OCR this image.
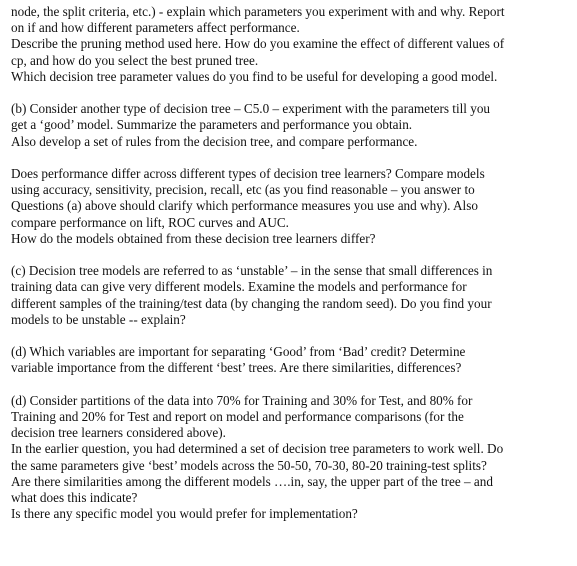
node, the split criteria, etc.) - explain which parameters you experiment with and why. Report
on if and how different parameters affect performance.
Describe the pruning method used here. How do you examine the effect of different values of
cp, and how do you select the best pruned tree.
Which decision tree parameter values do you find to be useful for developing a good model.
(b) Consider another type of decision tree – C5.0 – experiment with the parameters till you
get a ‘good’ model. Summarize the parameters and performance you obtain.
Also develop a set of rules from the decision tree, and compare performance.
Does performance differ across different types of decision tree learners? Compare models
using accuracy, sensitivity, precision, recall, etc (as you find reasonable – you answer to
Questions (a) above should clarify which performance measures you use and why). Also
compare performance on lift, ROC curves and AUC.
How do the models obtained from these decision tree learners differ?
(c) Decision tree models are referred to as ‘unstable’ – in the sense that small differences in
training data can give very different models. Examine the models and performance for
different samples of the training/test data (by changing the random seed). Do you find your
models to be unstable -- explain?
(d) Which variables are important for separating ‘Good’ from ‘Bad’ credit? Determine
variable importance from the different ‘best’ trees. Are there similarities, differences?
(d) Consider partitions of the data into 70% for Training and 30% for Test, and 80% for
Training and 20% for Test and report on model and performance comparisons (for the
decision tree learners considered above).
In the earlier question, you had determined a set of decision tree parameters to work well. Do
the same parameters give ‘best’ models across the 50-50, 70-30, 80-20 training-test splits?
Are there similarities among the different models ….in, say, the upper part of the tree – and
what does this indicate?
Is there any specific model you would prefer for implementation?
